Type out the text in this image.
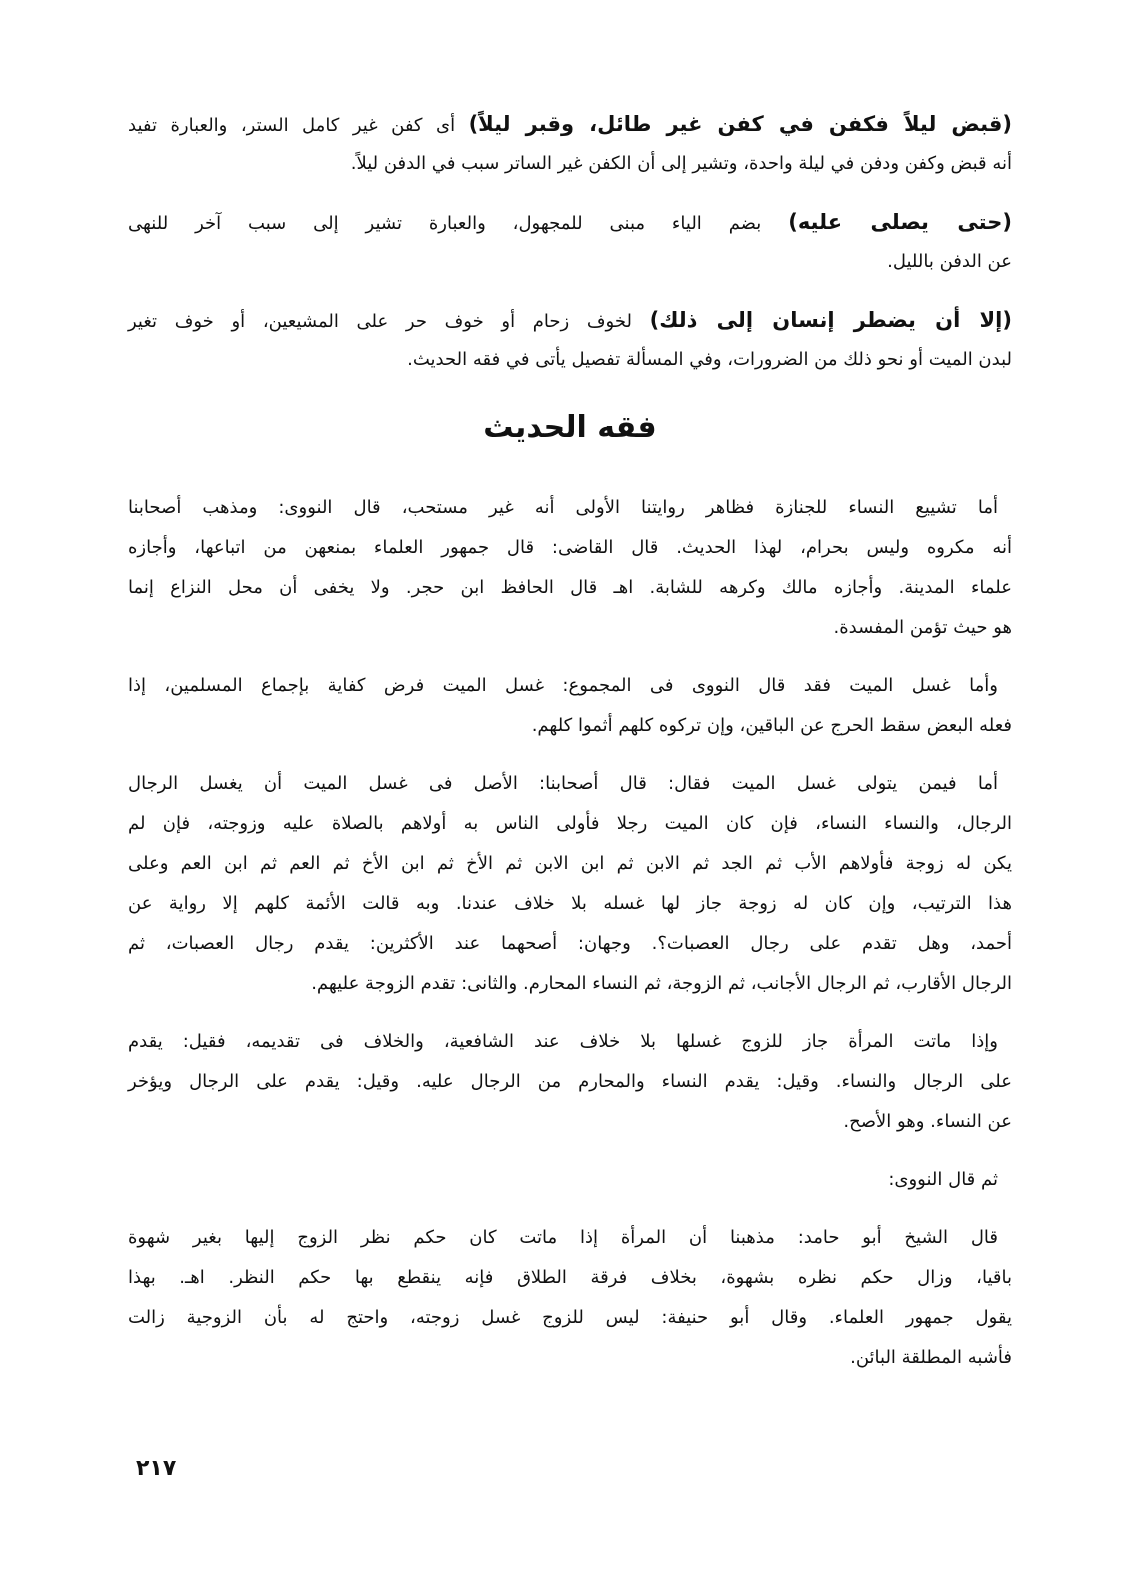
(قبض ليلاً فكفن في كفن غير طائل، وقبر ليلاً) أى كفن غير كامل الستر، والعبارة تفيد
أنه قبض وكفن ودفن في ليلة واحدة، وتشير إلى أن الكفن غير الساتر سبب في الدفن ليلاً.
(حتى يصلى عليه) بضم الياء مبنى للمجهول، والعبارة تشير إلى سبب آخر للنهى
عن الدفن بالليل.
(إلا أن يضطر إنسان إلى ذلك) لخوف زحام أو خوف حر على المشيعين، أو خوف تغير
لبدن الميت أو نحو ذلك من الضرورات، وفي المسألة تفصيل يأتى في فقه الحديث.
فقه الحديث
أما تشييع النساء للجنازة فظاهر روايتنا الأولى أنه غير مستحب، قال النووى: ومذهب أصحابنا
أنه مكروه وليس بحرام، لهذا الحديث. قال القاضى: قال جمهور العلماء بمنعهن من اتباعها، وأجازه
علماء المدينة. وأجازه مالك وكرهه للشابة. اهـ قال الحافظ ابن حجر. ولا يخفى أن محل النزاع إنما
هو حيث تؤمن المفسدة.
وأما غسل الميت فقد قال النووى فى المجموع: غسل الميت فرض كفاية بإجماع المسلمين، إذا
فعله البعض سقط الحرج عن الباقين، وإن تركوه كلهم أثموا كلهم.
أما فيمن يتولى غسل الميت فقال: قال أصحابنا: الأصل فى غسل الميت أن يغسل الرجال
الرجال، والنساء النساء، فإن كان الميت رجلا فأولى الناس به أولاهم بالصلاة عليه وزوجته، فإن لم
يكن له زوجة فأولاهم الأب ثم الجد ثم الابن ثم ابن الابن ثم الأخ ثم ابن الأخ ثم العم ثم ابن العم وعلى
هذا الترتيب، وإن كان له زوجة جاز لها غسله بلا خلاف عندنا. وبه قالت الأئمة كلهم إلا رواية عن
أحمد، وهل تقدم على رجال العصبات؟. وجهان: أصحهما عند الأكثرين: يقدم رجال العصبات، ثم
الرجال الأقارب، ثم الرجال الأجانب، ثم الزوجة، ثم النساء المحارم. والثانى: تقدم الزوجة عليهم.
وإذا ماتت المرأة جاز للزوج غسلها بلا خلاف عند الشافعية، والخلاف فى تقديمه، فقيل: يقدم
على الرجال والنساء. وقيل: يقدم النساء والمحارم من الرجال عليه. وقيل: يقدم على الرجال ويؤخر
عن النساء. وهو الأصح.
ثم قال النووى:
قال الشيخ أبو حامد: مذهبنا أن المرأة إذا ماتت كان حكم نظر الزوج إليها بغير شهوة
باقيا، وزال حكم نظره بشهوة، بخلاف فرقة الطلاق فإنه ينقطع بها حكم النظر. اهـ. بهذا
يقول جمهور العلماء. وقال أبو حنيفة: ليس للزوج غسل زوجته، واحتج له بأن الزوجية زالت
فأشبه المطلقة البائن.
٢١٧
